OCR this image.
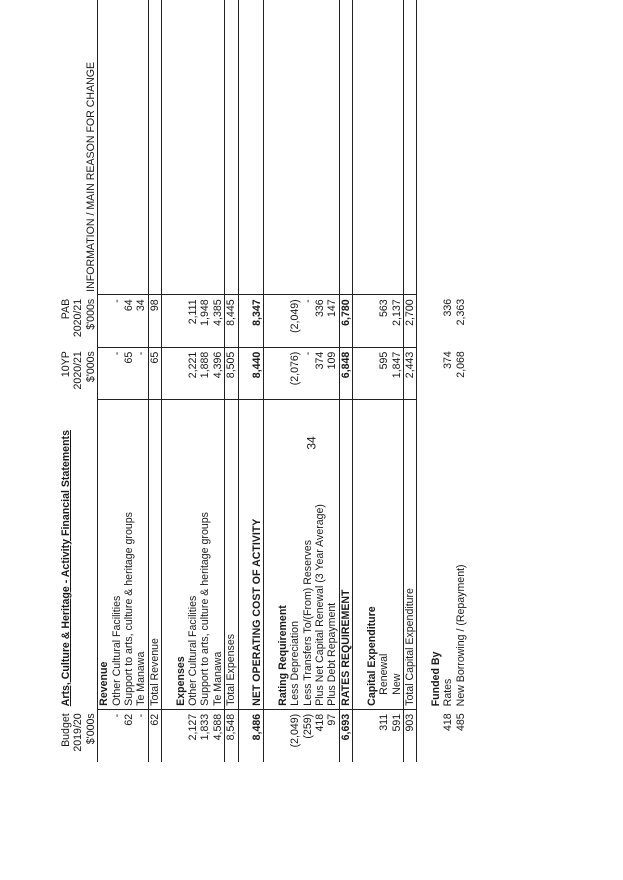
Budget	Arts, Culture & Heritage - Activity Financial Statements	10YP	PAB	
2019/20		2020/21	2020/21	
$'000s		$'000s	$'000s	INFORMATION / MAIN REASON FOR CHANGE
	Revenue			
-	Other Cultural Facilities	-	-	
62	Support to arts, culture & heritage groups	65	64	
-	Te Manawa	-	34	
62	Total Revenue	65	98	

	Expenses			
2,127	Other Cultural Facilities	2,221	2,111	
1,833	Support to arts, culture & heritage groups	1,888	1,948	
4,588	Te Manawa	4,396	4,385	
8,548	Total Expenses	8,505	8,445	

8,486	NET OPERATING COST OF ACTIVITY	8,440	8,347	

	Rating Requirement			
(2,049)	Less Depreciation	(2,076)	(2,049)	
(259)	Less Transfers To/(From) Reserves	-	-	
418	Plus Net Capital Renewal (3 Year Average)	374	336	
97	Plus Debt Repayment	109	147	
6,693	RATES REQUIREMENT	6,848	6,780	

	Capital Expenditure			
311	Renewal	595	563	
591	New	1,847	2,137	
903	Total Capital Expenditure	2,443	2,700	

	Funded By			
418	Rates	374	336	
485	New Borrowing / (Repayment)	2,068	2,363	
34
